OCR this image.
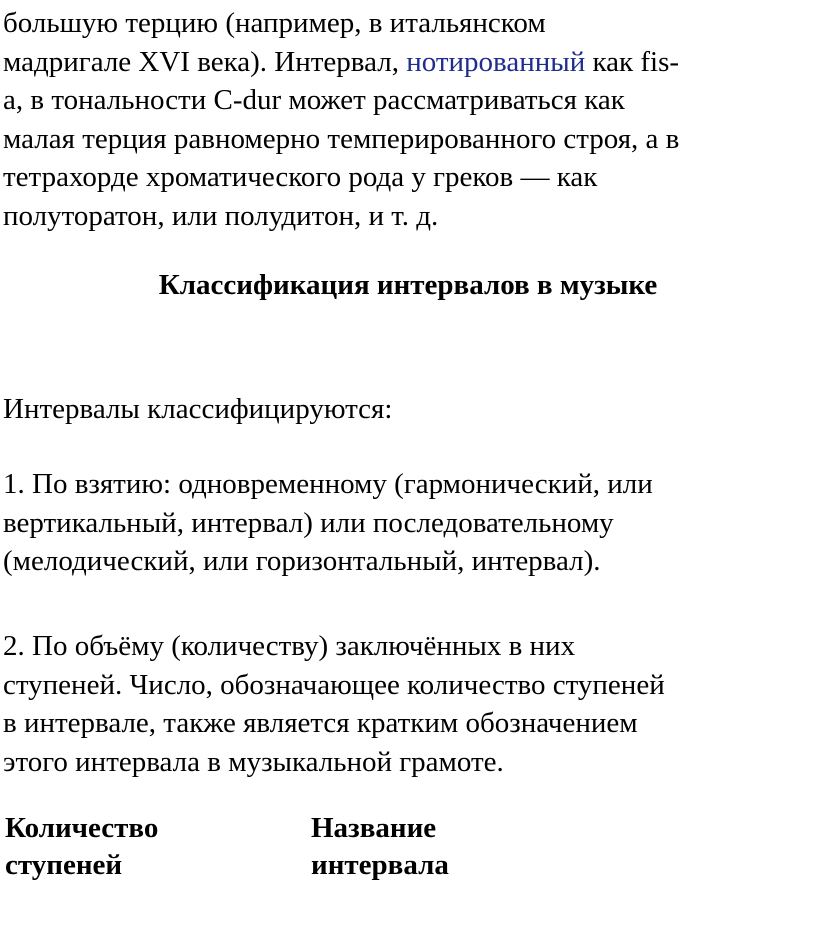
большую терцию (например, в итальянском
мадригале XVI века). Интервал, нотированный как fis-
а, в тональности C-dur может рассматриваться как
малая терция равномерно темперированного строя, а в
тетрахорде хроматического рода у греков — как
полуторатон, или полудитон, и т. д.
Классификация интервалов в музыке
Интервалы классифицируются:
1. По взятию: одновременному (гармонический, или
вертикальный, интервал) или последовательному
(мелодический, или горизонтальный, интервал).
2. По объёму (количеству) заключённых в них
ступеней. Число, обозначающее количество ступеней
в интервале, также является кратким обозначением
этого интервала в музыкальной грамоте.
Количество
ступеней
Название
интервала
